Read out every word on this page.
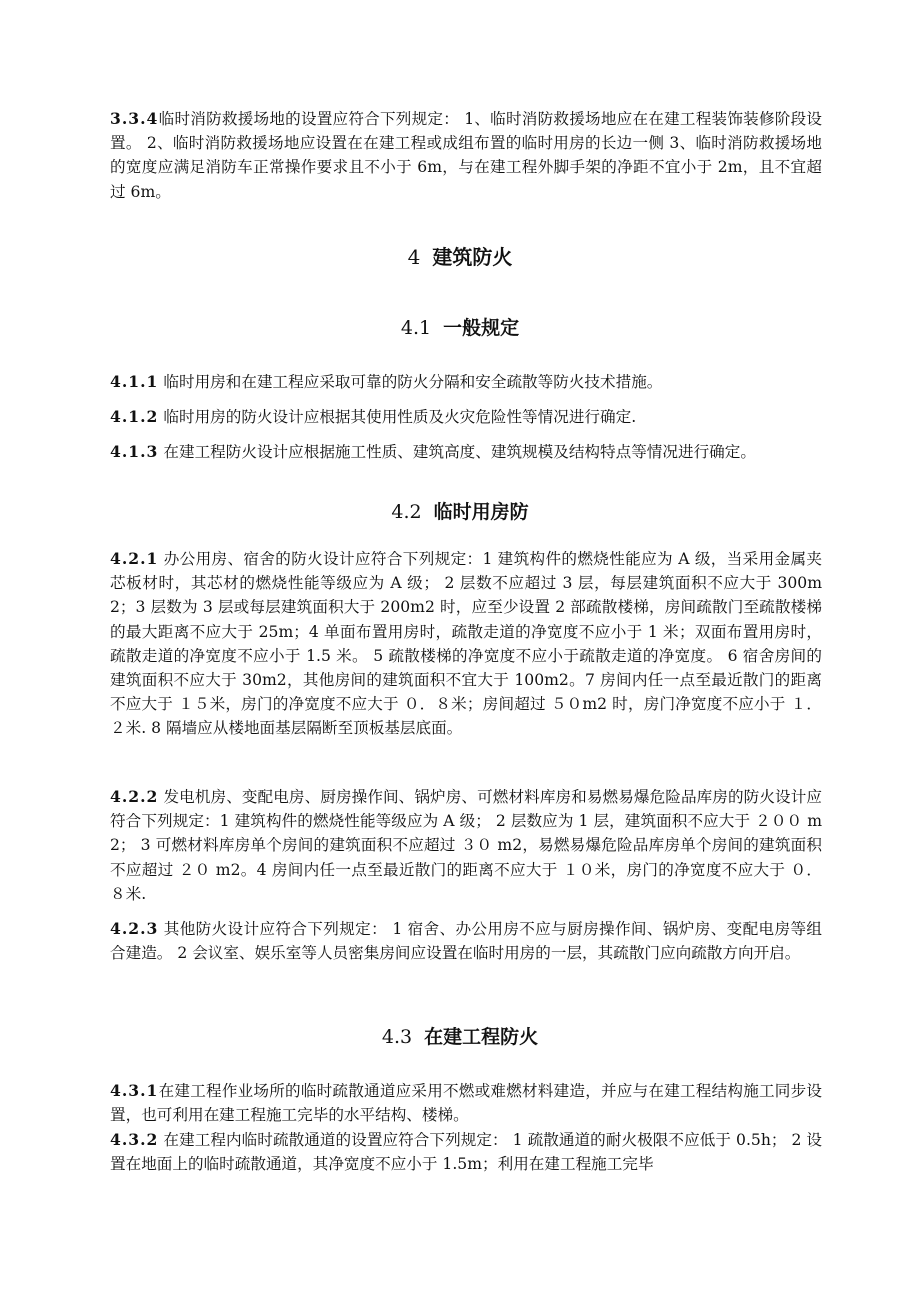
3.3.4临时消防救援场地的设置应符合下列规定： 1、临时消防救援场地应在在建工程装饰装修阶段设置。 2、临时消防救援场地应设置在在建工程或成组布置的临时用房的长边一侧 3、临时消防救援场地的宽度应满足消防车正常操作要求且不小于 6m，与在建工程外脚手架的净距不宜小于 2m，且不宜超过 6m。

4 建筑防火
4.1 一般规定

4.1.1 临时用房和在建工程应采取可靠的防火分隔和安全疏散等防火技术措施。

4.1.2 临时用房的防火设计应根据其使用性质及火灾危险性等情况进行确定.

4.1.3 在建工程防火设计应根据施工性质、建筑高度、建筑规模及结构特点等情况进行确定。

4.2 临时用房防

4.2.1 办公用房、宿舍的防火设计应符合下列规定：1 建筑构件的燃烧性能应为 A 级，当采用金属夹芯板材时，其芯材的燃烧性能等级应为 A 级； 2 层数不应超过 3 层，每层建筑面积不应大于 300m2；3 层数为 3 层或每层建筑面积大于 200m2 时，应至少设置 2 部疏散楼梯，房间疏散门至疏散楼梯的最大距离不应大于 25m；4 单面布置用房时，疏散走道的净宽度不应小于 1 米；双面布置用房时，疏散走道的净宽度不应小于 1.5 米。 5 疏散楼梯的净宽度不应小于疏散走道的净宽度。 6 宿舍房间的建筑面积不应大于 30m2，其他房间的建筑面积不宜大于 100m2。7 房间内任一点至最近散门的距离不应大于 １５米，房门的净宽度不应大于 ０．８米；房间超过 ５０m2 时，房门净宽度不应小于 １．２米. 8 隔墙应从楼地面基层隔断至顶板基层底面。

4.2.2 发电机房、变配电房、厨房操作间、锅炉房、可燃材料库房和易燃易爆危险品库房的防火设计应符合下列规定：1 建筑构件的燃烧性能等级应为 A 级； 2 层数应为 1 层，建筑面积不应大于 ２００ m2； 3 可燃材料库房单个房间的建筑面积不应超过 ３０ m2，易燃易爆危险品库房单个房间的建筑面积不应超过 ２０ m2。4 房间内任一点至最近散门的距离不应大于 １０米，房门的净宽度不应大于 ０．８米.

4.2.3 其他防火设计应符合下列规定： 1 宿舍、办公用房不应与厨房操作间、锅炉房、变配电房等组合建造。 2 会议室、娱乐室等人员密集房间应设置在临时用房的一层，其疏散门应向疏散方向开启。

4.3 在建工程防火

4.3.1在建工程作业场所的临时疏散通道应采用不燃或难燃材料建造，并应与在建工程结构施工同步设置，也可利用在建工程施工完毕的水平结构、楼梯。

4.3.2 在建工程内临时疏散通道的设置应符合下列规定： 1 疏散通道的耐火极限不应低于 0.5h； 2 设置在地面上的临时疏散通道，其净宽度不应小于 1.5m；利用在建工程施工完毕
